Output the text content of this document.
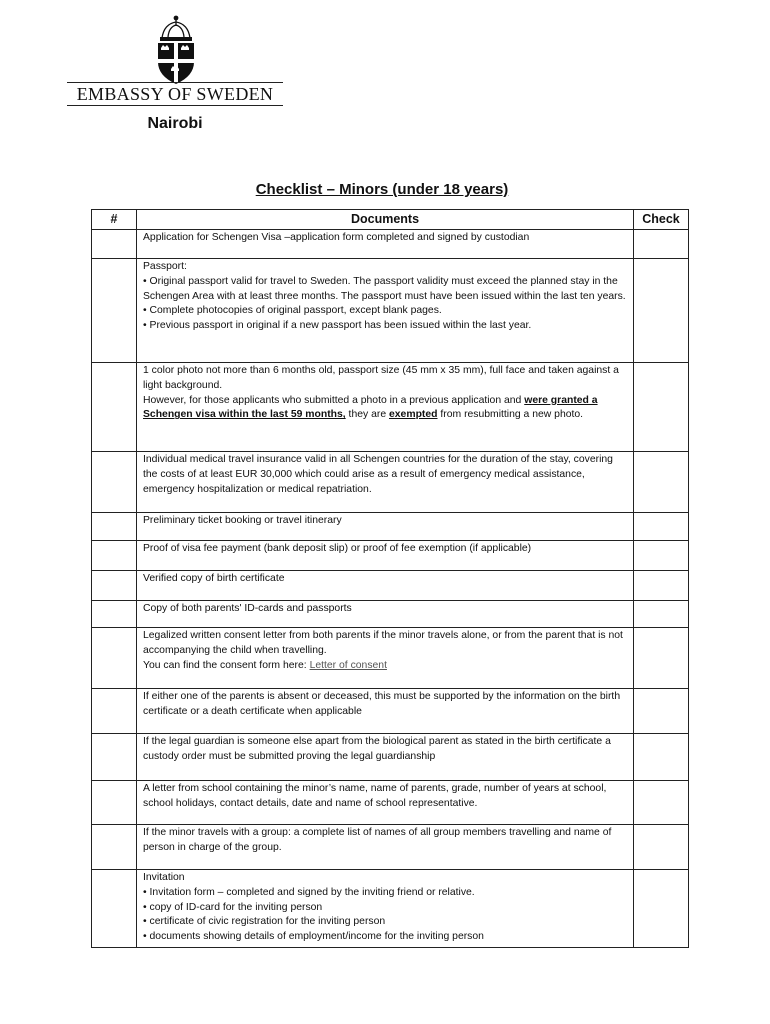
EMBASSY OF SWEDEN
Nairobi
Checklist – Minors (under 18 years)
#	Documents	Check

	Application for Schengen Visa –application form completed and signed by custodian	

	Passport:
• Original passport valid for travel to Sweden. The passport validity must exceed the planned stay in the Schengen Area with at least three months. The passport must have been issued within the last ten years.
• Complete photocopies of original passport, except blank pages.
• Previous passport in original if a new passport has been issued within the last year.	

	1 color photo not more than 6 months old, passport size (45 mm x 35 mm), full face and taken against a light background.
However, for those applicants who submitted a photo in a previous application and were granted a Schengen visa within the last 59 months, they are exempted from resubmitting a new photo.	

	Individual medical travel insurance valid in all Schengen countries for the duration of the stay, covering the costs of at least EUR 30,000 which could arise as a result of emergency medical assistance, emergency hospitalization or medical repatriation.	

	Preliminary ticket booking or travel itinerary	

	Proof of visa fee payment (bank deposit slip) or proof of fee exemption (if applicable)	

	Verified copy of birth certificate	

	Copy of both parents' ID-cards and passports	

	Legalized written consent letter from both parents if the minor travels alone, or from the parent that is not accompanying the child when travelling.
You can find the consent form here: Letter of consent	

	If either one of the parents is absent or deceased, this must be supported by the information on the birth certificate or a death certificate when applicable	

	If the legal guardian is someone else apart from the biological parent as stated in the birth certificate a custody order must be submitted proving the legal guardianship	

	A letter from school containing the minor’s name, name of parents, grade, number of years at school, school holidays, contact details, date and name of school representative.	

	If the minor travels with a group: a complete list of names of all group members travelling and name of person in charge of the group.	

	Invitation
• Invitation form – completed and signed by the inviting friend or relative.
• copy of ID-card for the inviting person
• certificate of civic registration for the inviting person
• documents showing details of employment/income for the inviting person	
